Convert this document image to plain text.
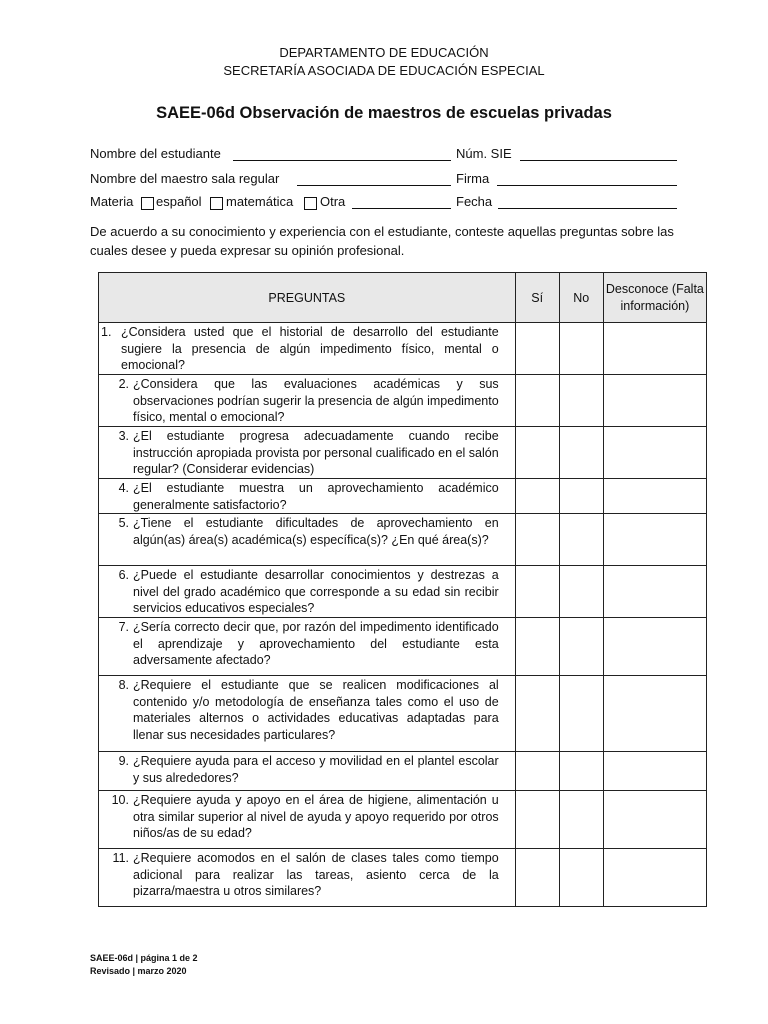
DEPARTAMENTO DE EDUCACIÓN
SECRETARÍA ASOCIADA DE EDUCACIÓN ESPECIAL
SAEE-06d Observación de maestros de escuelas privadas
Nombre del estudiante	Núm. SIE
Nombre del maestro sala regular	Firma
Materia español matemática Otra	Fecha
De acuerdo a su conocimiento y experiencia con el estudiante, conteste aquellas preguntas sobre las cuales desee y pueda expresar su opinión profesional.
PREGUNTAS	Sí	No	Desconoce (Falta información)

1. ¿Considera usted que el historial de desarrollo del estudiante sugiere la presencia de algún impedimento físico, mental o emocional?			

2. ¿Considera que las evaluaciones académicas y sus observaciones podrían sugerir la presencia de algún impedimento físico, mental o emocional?			

3. ¿El estudiante progresa adecuadamente cuando recibe instrucción apropiada provista por personal cualificado en el salón regular? (Considerar evidencias)			

4. ¿El estudiante muestra un aprovechamiento académico generalmente satisfactorio?			

5. ¿Tiene el estudiante dificultades de aprovechamiento en algún(as) área(s) académica(s) específica(s)? ¿En qué área(s)?			

6. ¿Puede el estudiante desarrollar conocimientos y destrezas a nivel del grado académico que corresponde a su edad sin recibir servicios educativos especiales?			

7. ¿Sería correcto decir que, por razón del impedimento identificado el aprendizaje y aprovechamiento del estudiante esta adversamente afectado?			

8. ¿Requiere el estudiante que se realicen modificaciones al contenido y/o metodología de enseñanza tales como el uso de materiales alternos o actividades educativas adaptadas para llenar sus necesidades particulares?			

9. ¿Requiere ayuda para el acceso y movilidad en el plantel escolar y sus alrededores?			

10. ¿Requiere ayuda y apoyo en el área de higiene, alimentación u otra similar superior al nivel de ayuda y apoyo requerido por otros niños/as de su edad?			

11. ¿Requiere acomodos en el salón de clases tales como tiempo adicional para realizar las tareas, asiento cerca de la pizarra/maestra u otros similares?			

SAEE-06d | página 1 de 2
Revisado | marzo 2020
